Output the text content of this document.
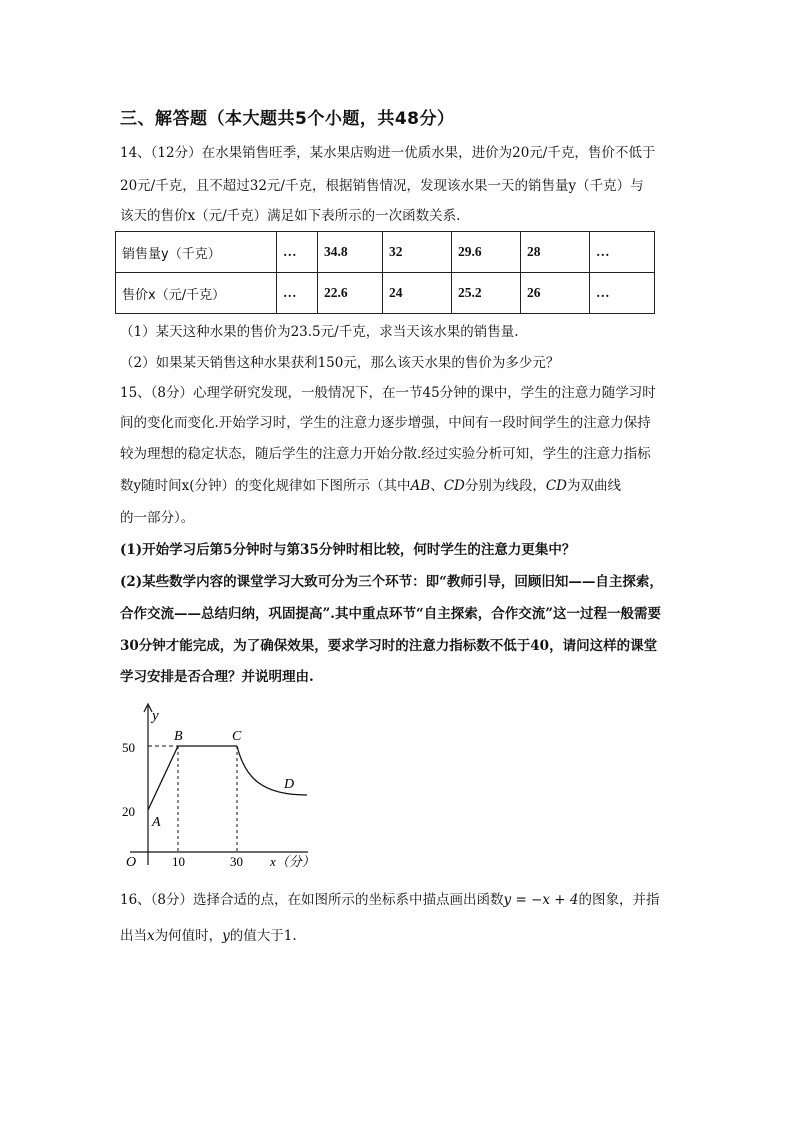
三、解答题（本大题共5个小题，共48分）
14、（12分）在水果销售旺季，某水果店购进一优质水果，进价为20元/千克，售价不低于
20元/千克，且不超过32元/千克，根据销售情况，发现该水果一天的销售量y（千克）与
该天的售价x（元/千克）满足如下表所示的一次函数关系.
销售量y（千克）	…	34.8	32	29.6	28	…
售价x（元/千克）	…	22.6	24	25.2	26	…
（1）某天这种水果的售价为23.5元/千克，求当天该水果的销售量.
（2）如果某天销售这种水果获利150元，那么该天水果的售价为多少元？
15、（8分）心理学研究发现，一般情况下，在一节45分钟的课中，学生的注意力随学习时
间的变化而变化.开始学习时，学生的注意力逐步增强，中间有一段时间学生的注意力保持
较为理想的稳定状态，随后学生的注意力开始分散.经过实验分析可知，学生的注意力指标
数y随时间x(分钟）的变化规律如下图所示（其中AB、CD分别为线段，CD为双曲线
的一部分）。
(1)开始学习后第5分钟时与第35分钟时相比较，何时学生的注意力更集中？
(2)某些数学内容的课堂学习大致可分为三个环节：即“教师引导，回顾旧知——自主探索，
合作交流——总结归纳，巩固提高”.其中重点环节“自主探索，合作交流”这一过程一般需要
30分钟才能完成，为了确保效果，要求学习时的注意力指标数不低于40，请问这样的课堂
学习安排是否合理？并说明理由.
y
x（分）
O
50
20
10	30
A
B	C
D
16、（8分）选择合适的点，在如图所示的坐标系中描点画出函数y = −x + 4的图象，并指
出当x为何值时，y的值大于1.
